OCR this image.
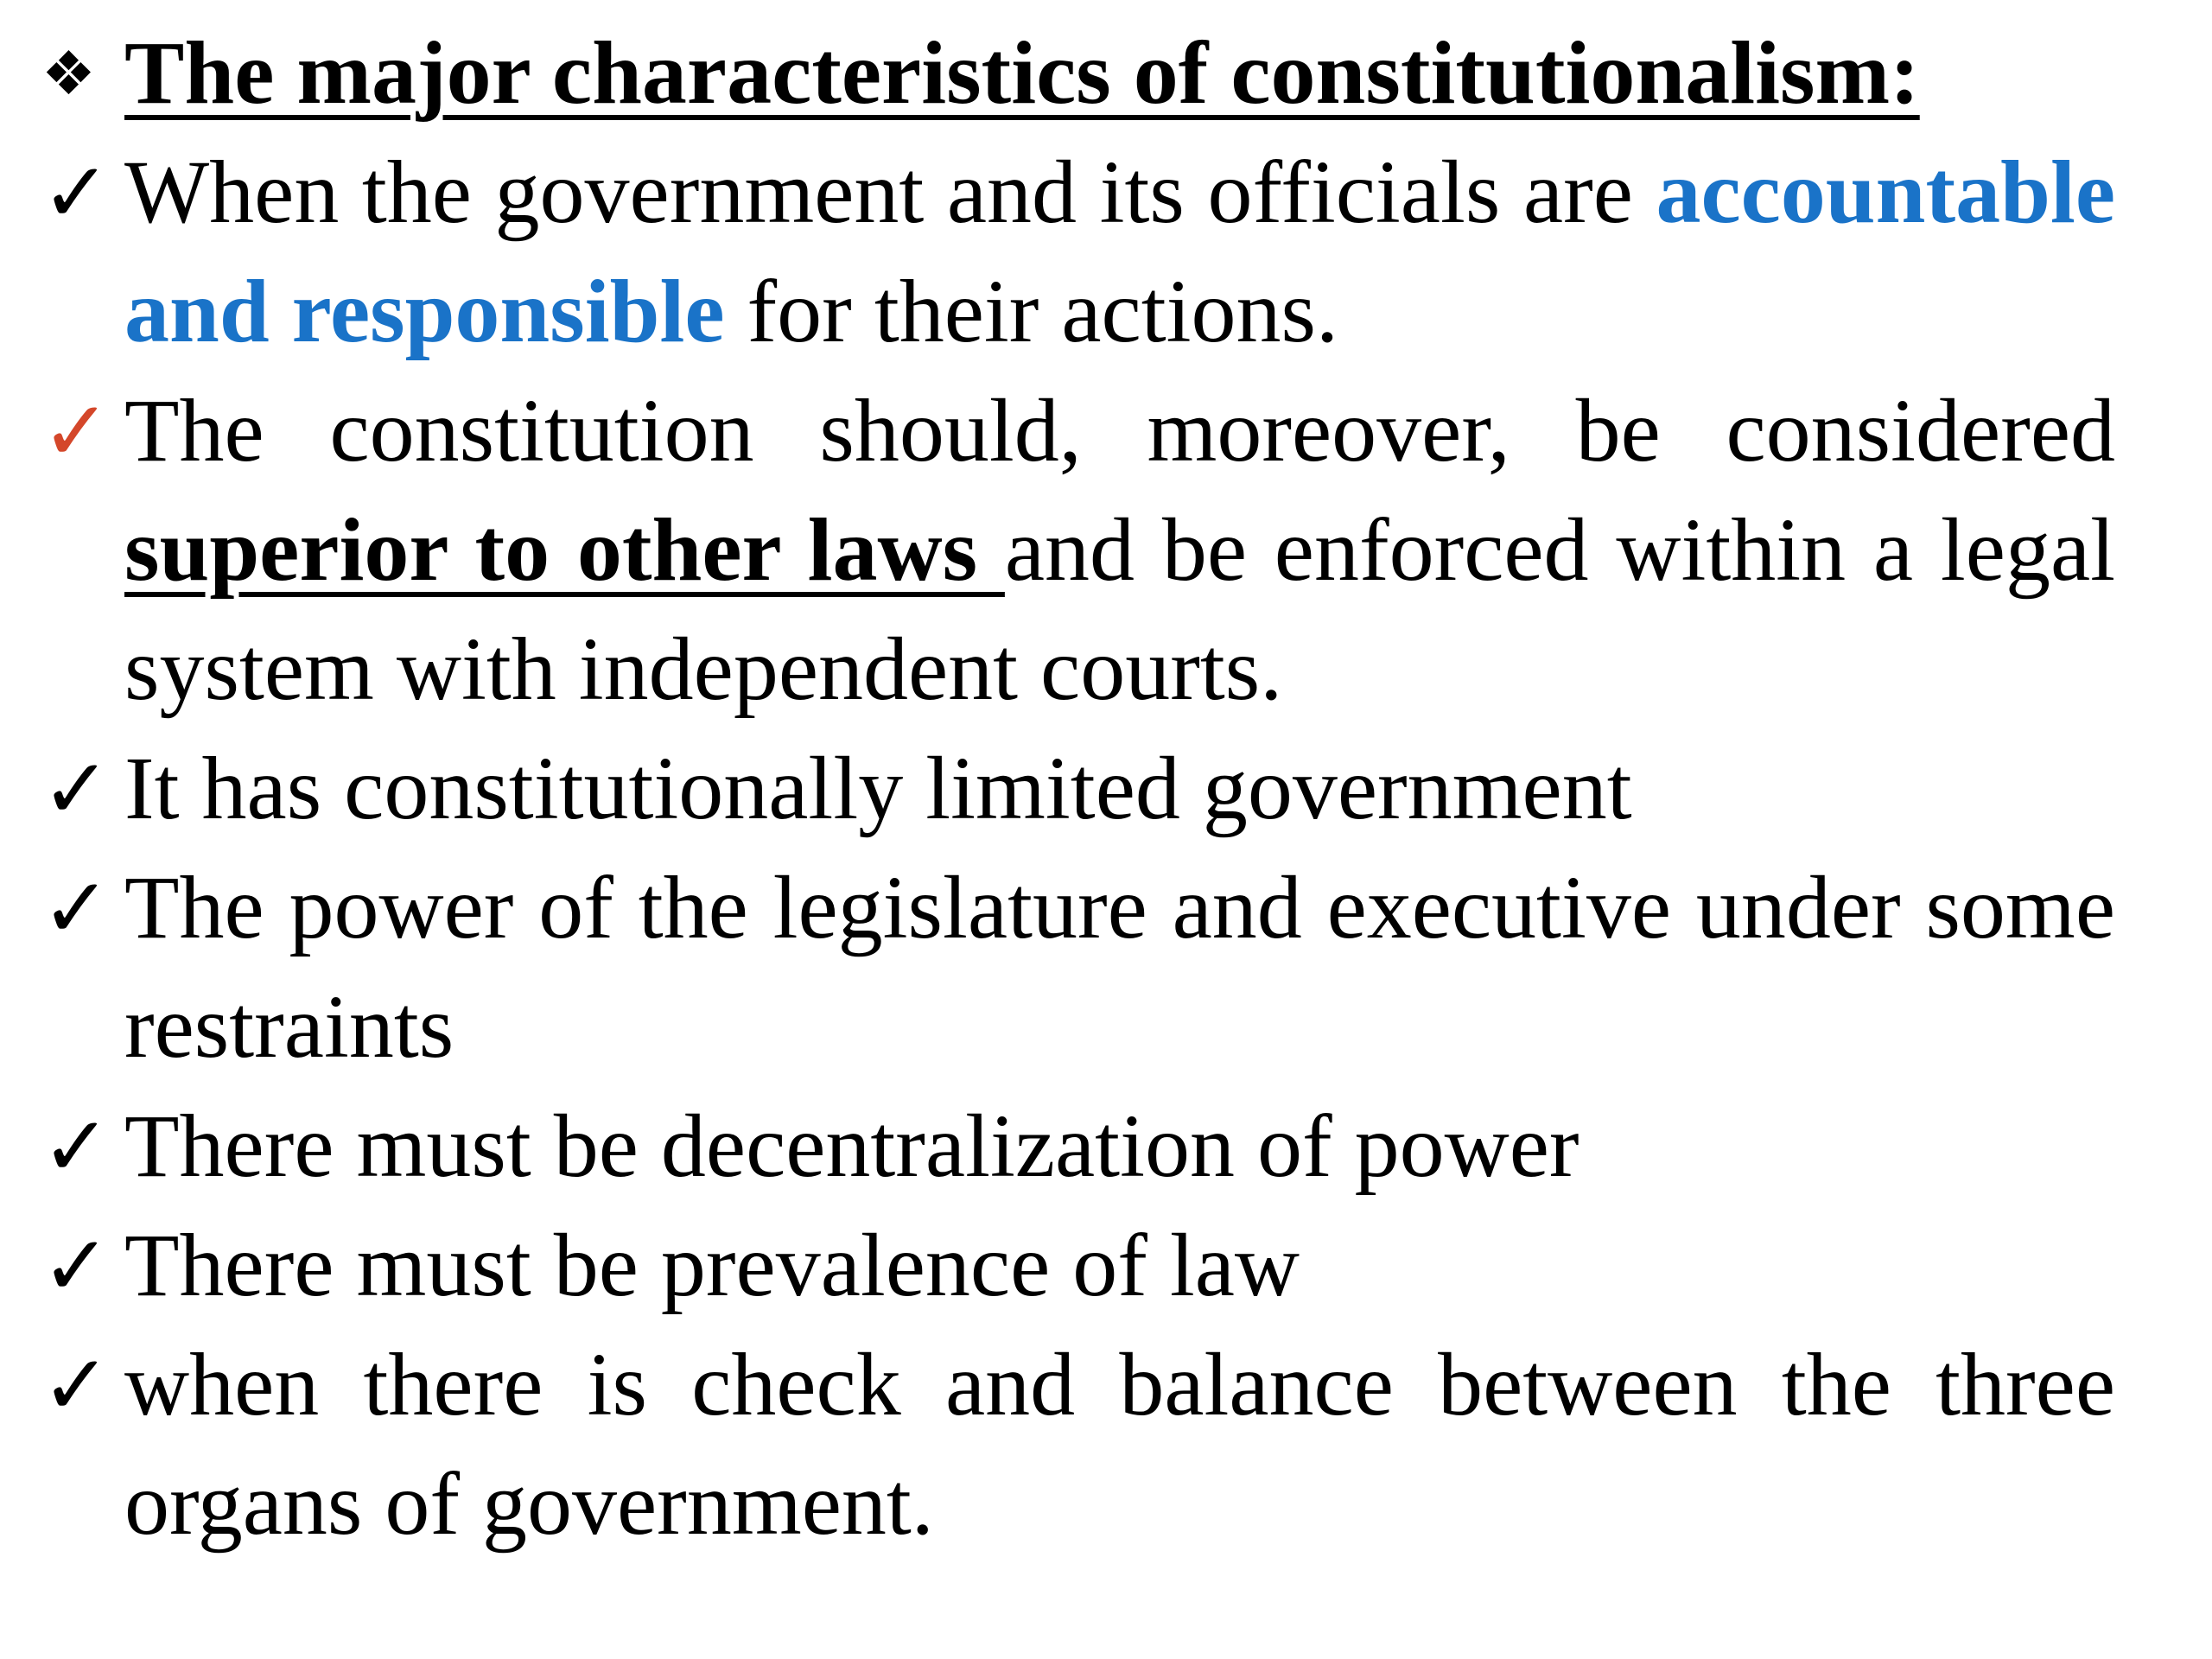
❖ The major characteristics of constitutionalism:
✓ When the government and its officials are accountable and responsible for their actions.
✓ The constitution should, moreover, be considered superior to other laws and be enforced within a legal system with independent courts.
✓ It has constitutionally limited government
✓ The power of the legislature and executive under some restraints
✓ There must be decentralization of power
✓ There must be prevalence of law
✓ when there is check and balance between the three organs of government.
